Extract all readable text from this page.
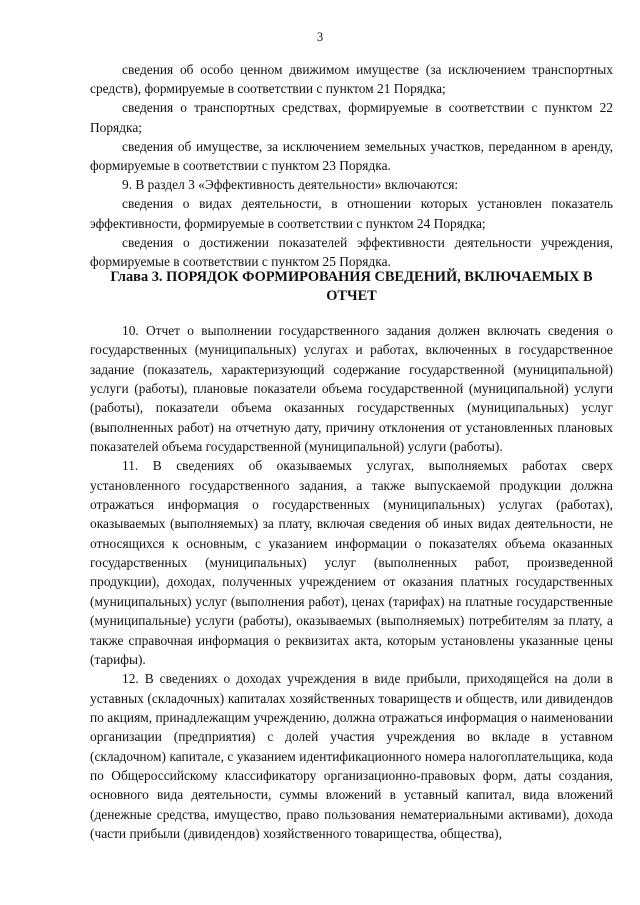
3

сведения об особо ценном движимом имуществе (за исключением транспортных средств), формируемые в соответствии с пунктом 21 Порядка;

сведения о транспортных средствах, формируемые в соответствии с пунктом 22 Порядка;

сведения об имуществе, за исключением земельных участков, переданном в аренду, формируемые в соответствии с пунктом 23 Порядка.

9. В раздел 3 «Эффективность деятельности» включаются:

сведения о видах деятельности, в отношении которых установлен показатель эффективности, формируемые в соответствии с пунктом 24 Порядка;

сведения о достижении показателей эффективности деятельности учреждения, формируемые в соответствии с пунктом 25 Порядка.

Глава 3. ПОРЯДОК ФОРМИРОВАНИЯ СВЕДЕНИЙ, ВКЛЮЧАЕМЫХ В ОТЧЕТ

10. Отчет о выполнении государственного задания должен включать сведения о государственных (муниципальных) услугах и работах, включенных в государственное задание (показатель, характеризующий содержание государственной (муниципальной) услуги (работы), плановые показатели объема государственной (муниципальной) услуги (работы), показатели объема оказанных государственных (муниципальных) услуг (выполненных работ) на отчетную дату, причину отклонения от установленных плановых показателей объема государственной (муниципальной) услуги (работы).

11. В сведениях об оказываемых услугах, выполняемых работах сверх установленного государственного задания, а также выпускаемой продукции должна отражаться информация о государственных (муниципальных) услугах (работах), оказываемых (выполняемых) за плату, включая сведения об иных видах деятельности, не относящихся к основным, с указанием информации о показателях объема оказанных государственных (муниципальных) услуг (выполненных работ, произведенной продукции), доходах, полученных учреждением от оказания платных государственных (муниципальных) услуг (выполнения работ), ценах (тарифах) на платные государственные (муниципальные) услуги (работы), оказываемых (выполняемых) потребителям за плату, а также справочная информация о реквизитах акта, которым установлены указанные цены (тарифы).

12. В сведениях о доходах учреждения в виде прибыли, приходящейся на доли в уставных (складочных) капиталах хозяйственных товариществ и обществ, или дивидендов по акциям, принадлежащим учреждению, должна отражаться информация о наименовании организации (предприятия) с долей участия учреждения во вкладе в уставном (складочном) капитале, с указанием идентификационного номера налогоплательщика, кода по Общероссийскому классификатору организационно-правовых форм, даты создания, основного вида деятельности, суммы вложений в уставный капитал, вида вложений (денежные средства, имущество, право пользования нематериальными активами), дохода (части прибыли (дивидендов) хозяйственного товарищества, общества),
